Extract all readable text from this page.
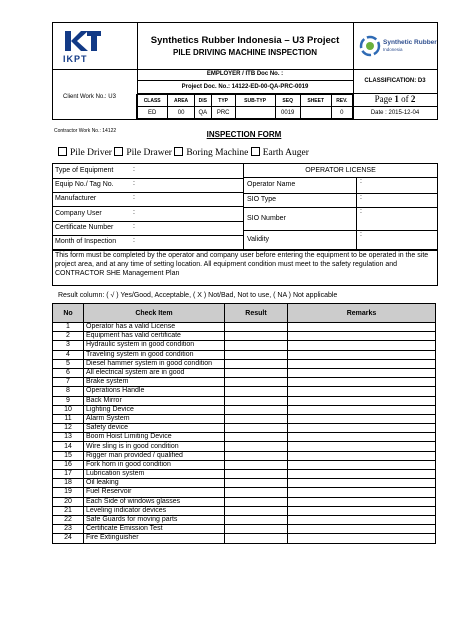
IKPT
Synthetics Rubber Indonesia – U3 Project
PILE DRIVING MACHINE INSPECTION
Synthetic Rubber
Indonesia
Client Work No.: U3
Contractor Work No.: 14122
EMPLOYER / ITB Doc No. :
Project Doc. No.: 14122-ED-00-QA-PRC-0019
CLASS	AREA	DIS	TYP	SUB-TYP	SEQ	SHEET	REV.
ED	00	QA	PRC		0019		0
CLASSIFICATION: D3
Page 1 of 2
Date : 2015-12-04
INSPECTION FORM
Pile Driver Pile Drawer Boring Machine Earth Auger
OPERATOR LICENSE
Type of Equipment	:
Equip No./ Tag No.	:
Manufacturer	:
Company User	:
Certificate Number	:
Month of Inspection :
Operator Name	:
SIO Type	:
SIO Number
:
Validity
:
This form must be completed by the operator and company user before entering the equipment to be operated in the site project area, and at any time of setting location. All equipment condition must meet to the safety regulation and CONTRACTOR SHE Management Plan
Result column: ( √ ) Yes/Good, Acceptable, ( X ) Not/Bad, Not to use, ( NA ) Not applicable
No	Check Item	Result	Remarks
1	Operator has a valid License		
2	Equipment has valid certificate		
3	Hydraulic system in good condition		
4	Traveling system in good condition		
5	Diesel hammer system in good condition		
6	All electrical system are in good		
7	Brake system		
8	Operations Handle		
9	Back Mirror		
10	Lighting Device		
11	Alarm System		
12	Safety device		
13	Boom Hoist Limiting Device		
14	Wire sling is in good condition		
15	Rigger man provided / qualified		
16	Fork horn in good condition		
17	Lubrication system		
18	Oil leaking		
19	Fuel Reservoir		
20	Each Side of windows glasses		
21	Leveling indicator devices		
22	Safe Guards for moving parts		
23	Certificate Emission Test		
24	Fire Extinguisher		
